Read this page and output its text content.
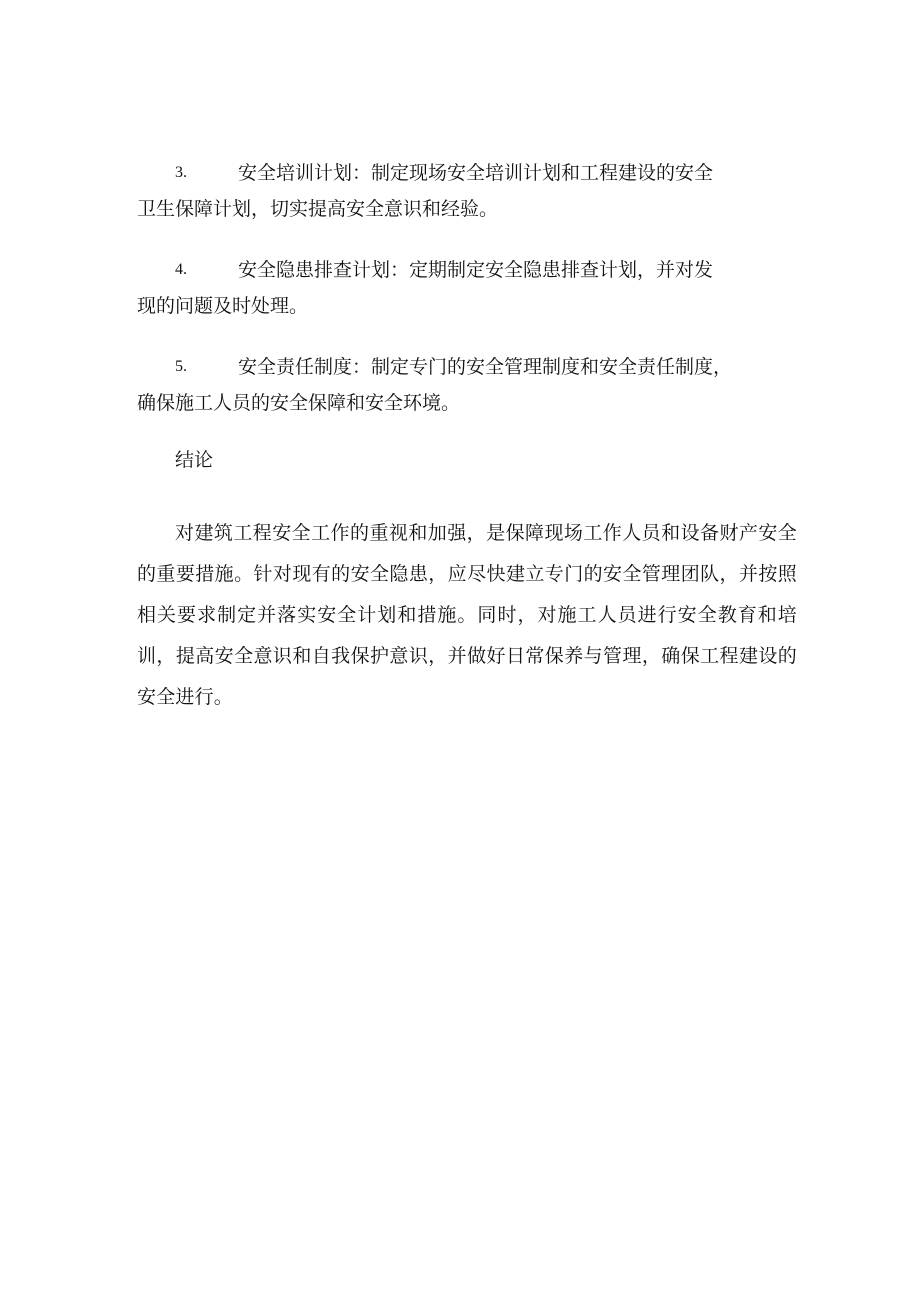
3.	安全培训计划：制定现场安全培训计划和工程建设的安全
卫生保障计划，切实提高安全意识和经验。
4.	安全隐患排查计划：定期制定安全隐患排查计划，并对发
现的问题及时处理。
5.	安全责任制度：制定专门的安全管理制度和安全责任制度，
确保施工人员的安全保障和安全环境。
结论

对建筑工程安全工作的重视和加强，是保障现场工作人员和设备财产安全的重要措施。针对现有的安全隐患，应尽快建立专门的安全管理团队，并按照相关要求制定并落实安全计划和措施。同时，对施工人员进行安全教育和培训，提高安全意识和自我保护意识，并做好日常保养与管理，确保工程建设的安全进行。
